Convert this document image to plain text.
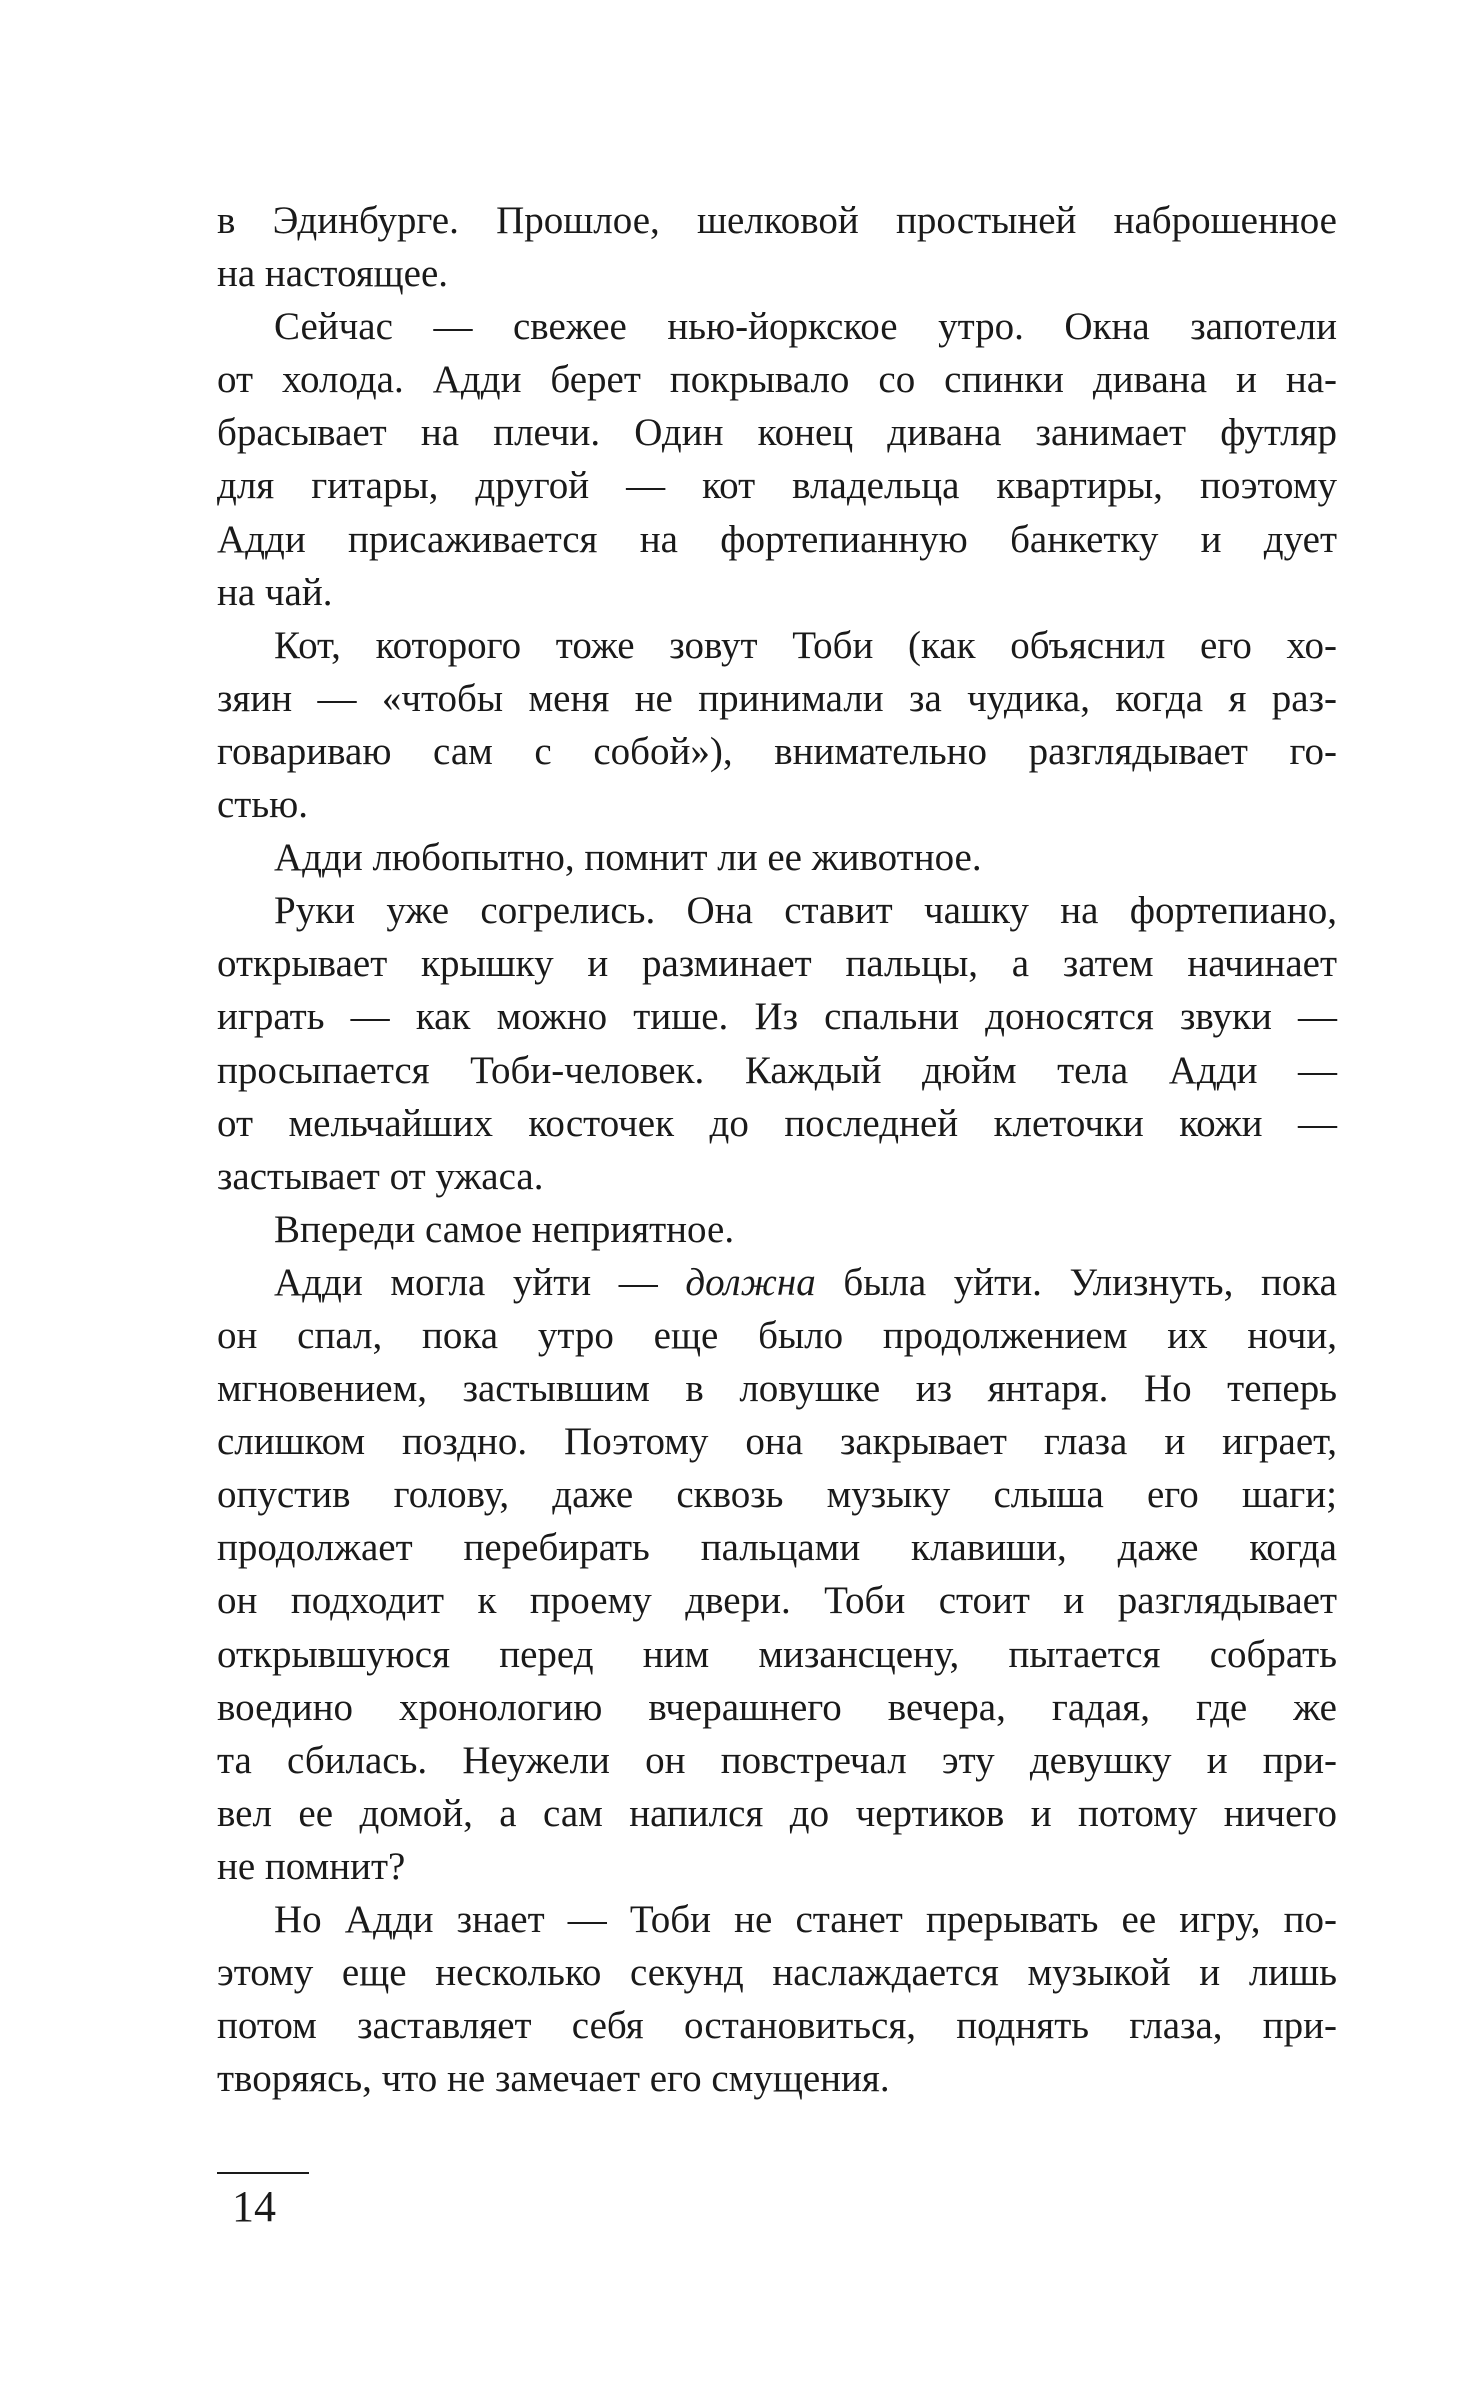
в Эдинбурге. Прошлое, шелковой простыней наброшенное
на настоящее.
Сейчас — свежее нью-йоркское утро. Окна запотели
от холода. Адди берет покрывало со спинки дивана и на-
брасывает на плечи. Один конец дивана занимает футляр
для гитары, другой — кот владельца квартиры, поэтому
Адди присаживается на фортепианную банкетку и дует
на чай.
Кот, которого тоже зовут Тоби (как объяснил его хо-
зяин — «чтобы меня не принимали за чудика, когда я раз-
говариваю сам с собой»), внимательно разглядывает го-
стью.
Адди любопытно, помнит ли ее животное.
Руки уже согрелись. Она ставит чашку на фортепиано,
открывает крышку и разминает пальцы, а затем начинает
играть — как можно тише. Из спальни доносятся звуки —
просыпается Тоби-человек. Каждый дюйм тела Адди —
от мельчайших косточек до последней клеточки кожи —
застывает от ужаса.
Впереди самое неприятное.
Адди могла уйти — должна была уйти. Улизнуть, пока
он спал, пока утро еще было продолжением их ночи,
мгновением, застывшим в ловушке из янтаря. Но теперь
слишком поздно. Поэтому она закрывает глаза и играет,
опустив голову, даже сквозь музыку слыша его шаги;
продолжает перебирать пальцами клавиши, даже когда
он подходит к проему двери. Тоби стоит и разглядывает
открывшуюся перед ним мизансцену, пытается собрать
воедино хронологию вчерашнего вечера, гадая, где же
та сбилась. Неужели он повстречал эту девушку и при-
вел ее домой, а сам напился до чертиков и потому ничего
не помнит?
Но Адди знает — Тоби не станет прерывать ее игру, по-
этому еще несколько секунд наслаждается музыкой и лишь
потом заставляет себя остановиться, поднять глаза, при-
творяясь, что не замечает его смущения.
14
